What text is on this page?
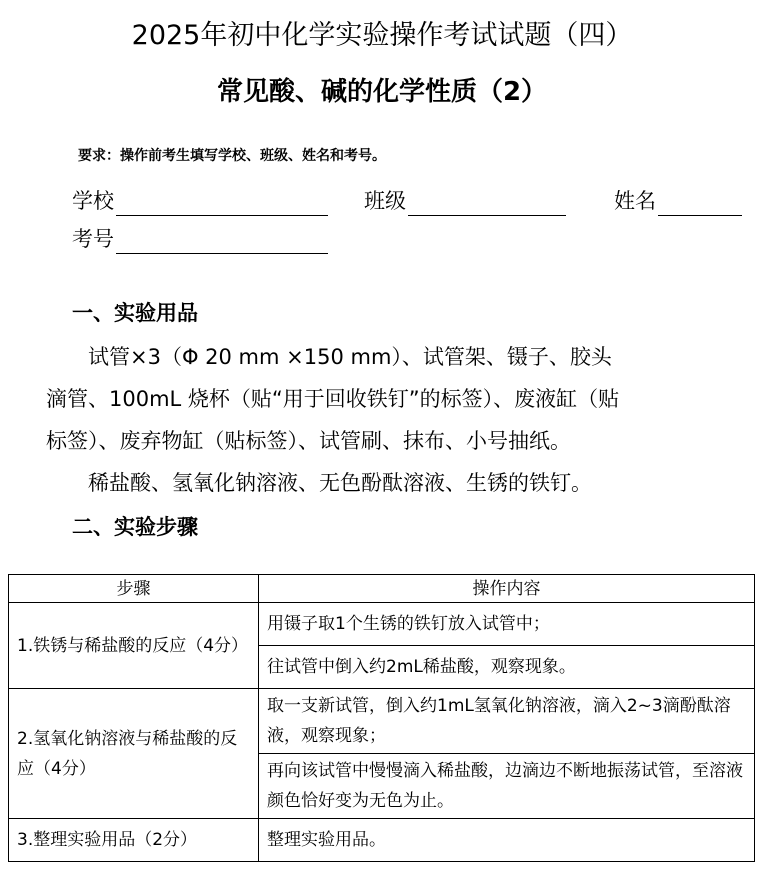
2025年初中化学实验操作考试试题（四）
常见酸、碱的化学性质（2）
要求：操作前考生填写学校、班级、姓名和考号。
学校	班级	姓名
考号
一、实验用品
　　试管×3（Φ 20 mm ×150 mm）、试管架、镊子、胶头
滴管、100mL 烧杯（贴“用于回收铁钉”的标签）、废液缸（贴
标签）、废弃物缸（贴标签）、试管刷、抹布、小号抽纸。
　　稀盐酸、氢氧化钠溶液、无色酚酞溶液、生锈的铁钉。
二、实验步骤
步骤	操作内容
1.铁锈与稀盐酸的反应（4分）	用镊子取1个生锈的铁钉放入试管中；
	往试管中倒入约2mL稀盐酸，观察现象。
2.氢氧化钠溶液与稀盐酸的反应（4分）	取一支新试管，倒入约1mL氢氧化钠溶液，滴入2~3滴酚酞溶液，观察现象；
	再向该试管中慢慢滴入稀盐酸，边滴边不断地振荡试管，至溶液颜色恰好变为无色为止。
3.整理实验用品（2分）	整理实验用品。
